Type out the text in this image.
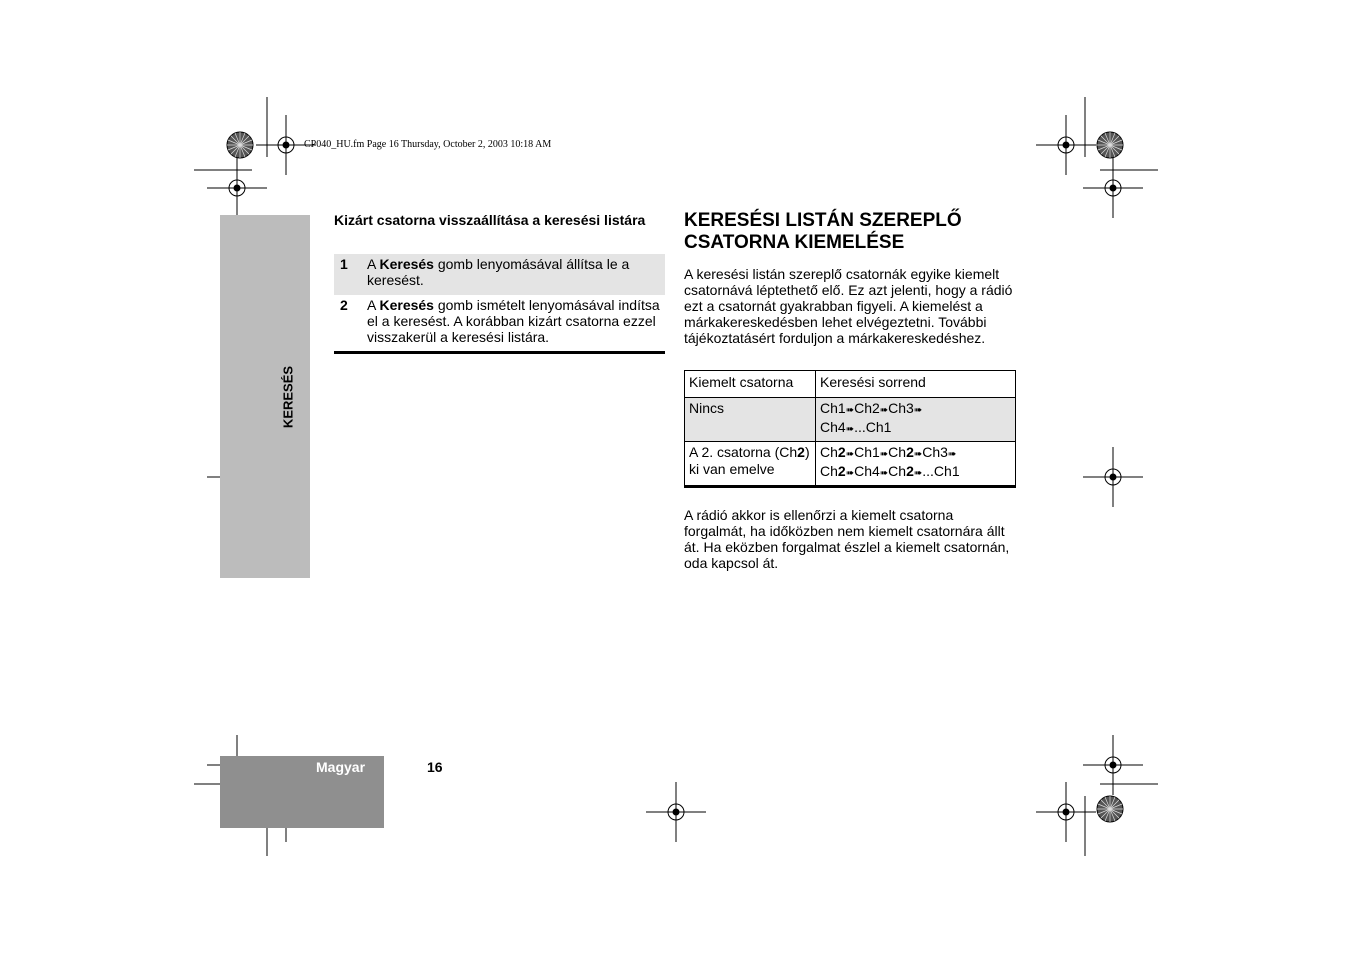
CP040_HU.fm Page 16 Thursday, October 2, 2003 10:18 AM
KERESÉS
Magyar	16
Kizárt csatorna visszaállítása a keresési listára
1	A Keresés gomb lenyomásával állítsa le a keresést.
2	A Keresés gomb ismételt lenyomásával indítsa el a keresést. A korábban kizárt csatorna ezzel visszakerül a keresési listára.
KERESÉSI LISTÁN SZEREPLŐ CSATORNA KIEMELÉSE
A keresési listán szereplő csatornák egyike kiemelt csatornává léptethető elő. Ez azt jelenti, hogy a rádió ezt a csatornát gyakrabban figyeli. A kiemelést a márkakereskedésben lehet elvégeztetni. További tájékoztatásért forduljon a márkakereskedéshez.
Kiemelt csatorna	Keresési sorrend
Nincs	Ch1➠Ch2➠Ch3➠
Ch4➠...Ch1
A 2. csatorna (Ch2) ki van emelve	Ch2➠Ch1➠Ch2➠Ch3➠
Ch2➠Ch4➠Ch2➠...Ch1
A rádió akkor is ellenőrzi a kiemelt csatorna forgalmát, ha időközben nem kiemelt csatornára állt át. Ha eközben forgalmat észlel a kiemelt csatornán, oda kapcsol át.
